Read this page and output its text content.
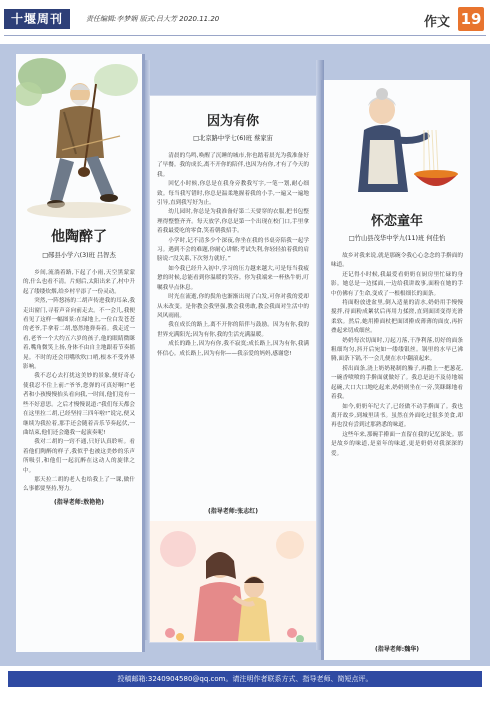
十堰周刊	责任编辑:李梦娴 版式:吕大芳 2020.11.20	作文 19
他陶醉了
□郧县小学六(3)班 吕智杰

乡间,流淌着路,下起了小雨,天空黑蒙蒙的,什么也看不清。片刻后,太阳出来了,村中升起了缕缕炊烟,给乡村平添了一份灵动。

突然,一阵悠扬的二胡声传进我的耳朵,我走出窗门,寻着声音向前走去。不一会儿,我便看见了这样一幅图景:在绿地上,一位白发苍苍的老爷,手拿着二胡,悠然地弹奏着。我走近一看,老爷一个大约五六岁的孩子,他的眼睛微眯着,嘴角微笑上扬,身体不由自主地跟着节奏摇晃。不时的还会用嘴吹吹口哨,根本不受外界影响。

我不忍心去打扰这美妙的景象,便好奇心使我忍不住上前:“爷爷,您弹的可真好啊!”老者和小孩慢慢抬头看向我,一时间,他们竟有一些不好意思。之后才慢慢说道:“我们每天都会在这里拉二胡,已经坚持三四年啦!”说完,便又继续为我拉着,那手还会随着音乐节奏起伏,一曲结束,他们还会邀我一起演奏呢!

我对二胡的一窍不通,只好认真聆听。看着他们陶醉的样子,我似乎也被这美妙的乐声所吸引,和他们一起沉醉在这动人的旋律之中。

那天拉二胡的老人也给我上了一课,做什么事都要坚持,努力。

(指导老师:敖艳艳)
因为有你
□北京路中学七(6)班 蔡家宙

清晨的鸟鸣,唤醒了沉睡的城市,你也踏着晨光为我准备好了早餐。我的成长,离不开你的陪伴,也因为有你,才有了今天的我。

回忆小时候,你总是在我身旁教我写字,一笔一划,耐心细致。每当我写错时,你总是温柔地握着我的小手,一遍又一遍地引导,直到我写好为止。

幼儿园时,你总是为我准备好第二天要穿的衣服,把书包整理得整整齐齐。每天放学,你总是第一个出现在校门口,手里拿着我最爱吃的零食,笑着朝我招手。

小学时,记不清多少个深夜,你坐在我的书桌旁陪我一起学习。遇到不会的难题,你耐心讲解;考试失利,你轻轻拍着我的肩膀说:“没关系,下次努力就好。”

如今我已经升入初中,学习的压力越来越大,可是每当我疲惫的时候,总能看到你温暖的笑容。你为我端来一杯热牛奶,叮嘱我早点休息。

时光在流逝,你的鬓角也渐渐出现了白发,可你对我的爱却从未改变。是你教会我坚强,教会我勇敢,教会我面对生活中的风风雨雨。

我在成长的路上,离不开你的陪伴与鼓励。因为有你,我的世界充满阳光;因为有你,我的生活充满温暖。

成长的路上,因为有你,我不寂寞;成长路上,因为有你,我满怀信心。成长路上,因为有你——我亲爱的妈妈,感谢您!

(指导老师:张志红)
怀恋童年
□竹山县茂华中学九(11)班 何佳怡

故乡对我来说,就是那碗令我心心念念的手擀面的味道。

还记得小时候,我最爱看奶奶在厨房里忙碌的身影。她总是一边揉面,一边给我讲故事,面粉在她的手中仿佛有了生命,变成了一根根细长的面条。

将面粉放进盆里,倒入适量的清水,奶奶用手慢慢搅拌,待面粉成絮状后再用力揉搓,直到面团变得光滑柔软。然后,她用擀面杖把面团擀成薄薄的面皮,再折叠起来切成细丝。

奶奶每次切面时,刀起刀落,干净利落,切好的面条粗细均匀,抖开后宛如一缕缕银丝。锅里的水早已沸腾,面条下锅,不一会儿便在水中翻滚起来。

捞出面条,浇上奶奶秘制的臊子,再撒上一把葱花,一碗香喷喷的手擀面就做好了。我总是迫不及待地端起碗,大口大口地吃起来,奶奶则坐在一旁,笑眯眯地看着我。

如今,奶奶年纪大了,已经做不动手擀面了。我也离开故乡,到城里读书。虽然在外面吃过很多美食,却再也没有尝到过那熟悉的味道。

这些年来,那碗手擀面一直留在我的记忆深处。那是故乡的味道,是童年的味道,更是奶奶对我深深的爱。

(指导老师:魏华)
投稿邮箱:3240904580@qq.com。请注明作者联系方式、指导老师、简短点评。
